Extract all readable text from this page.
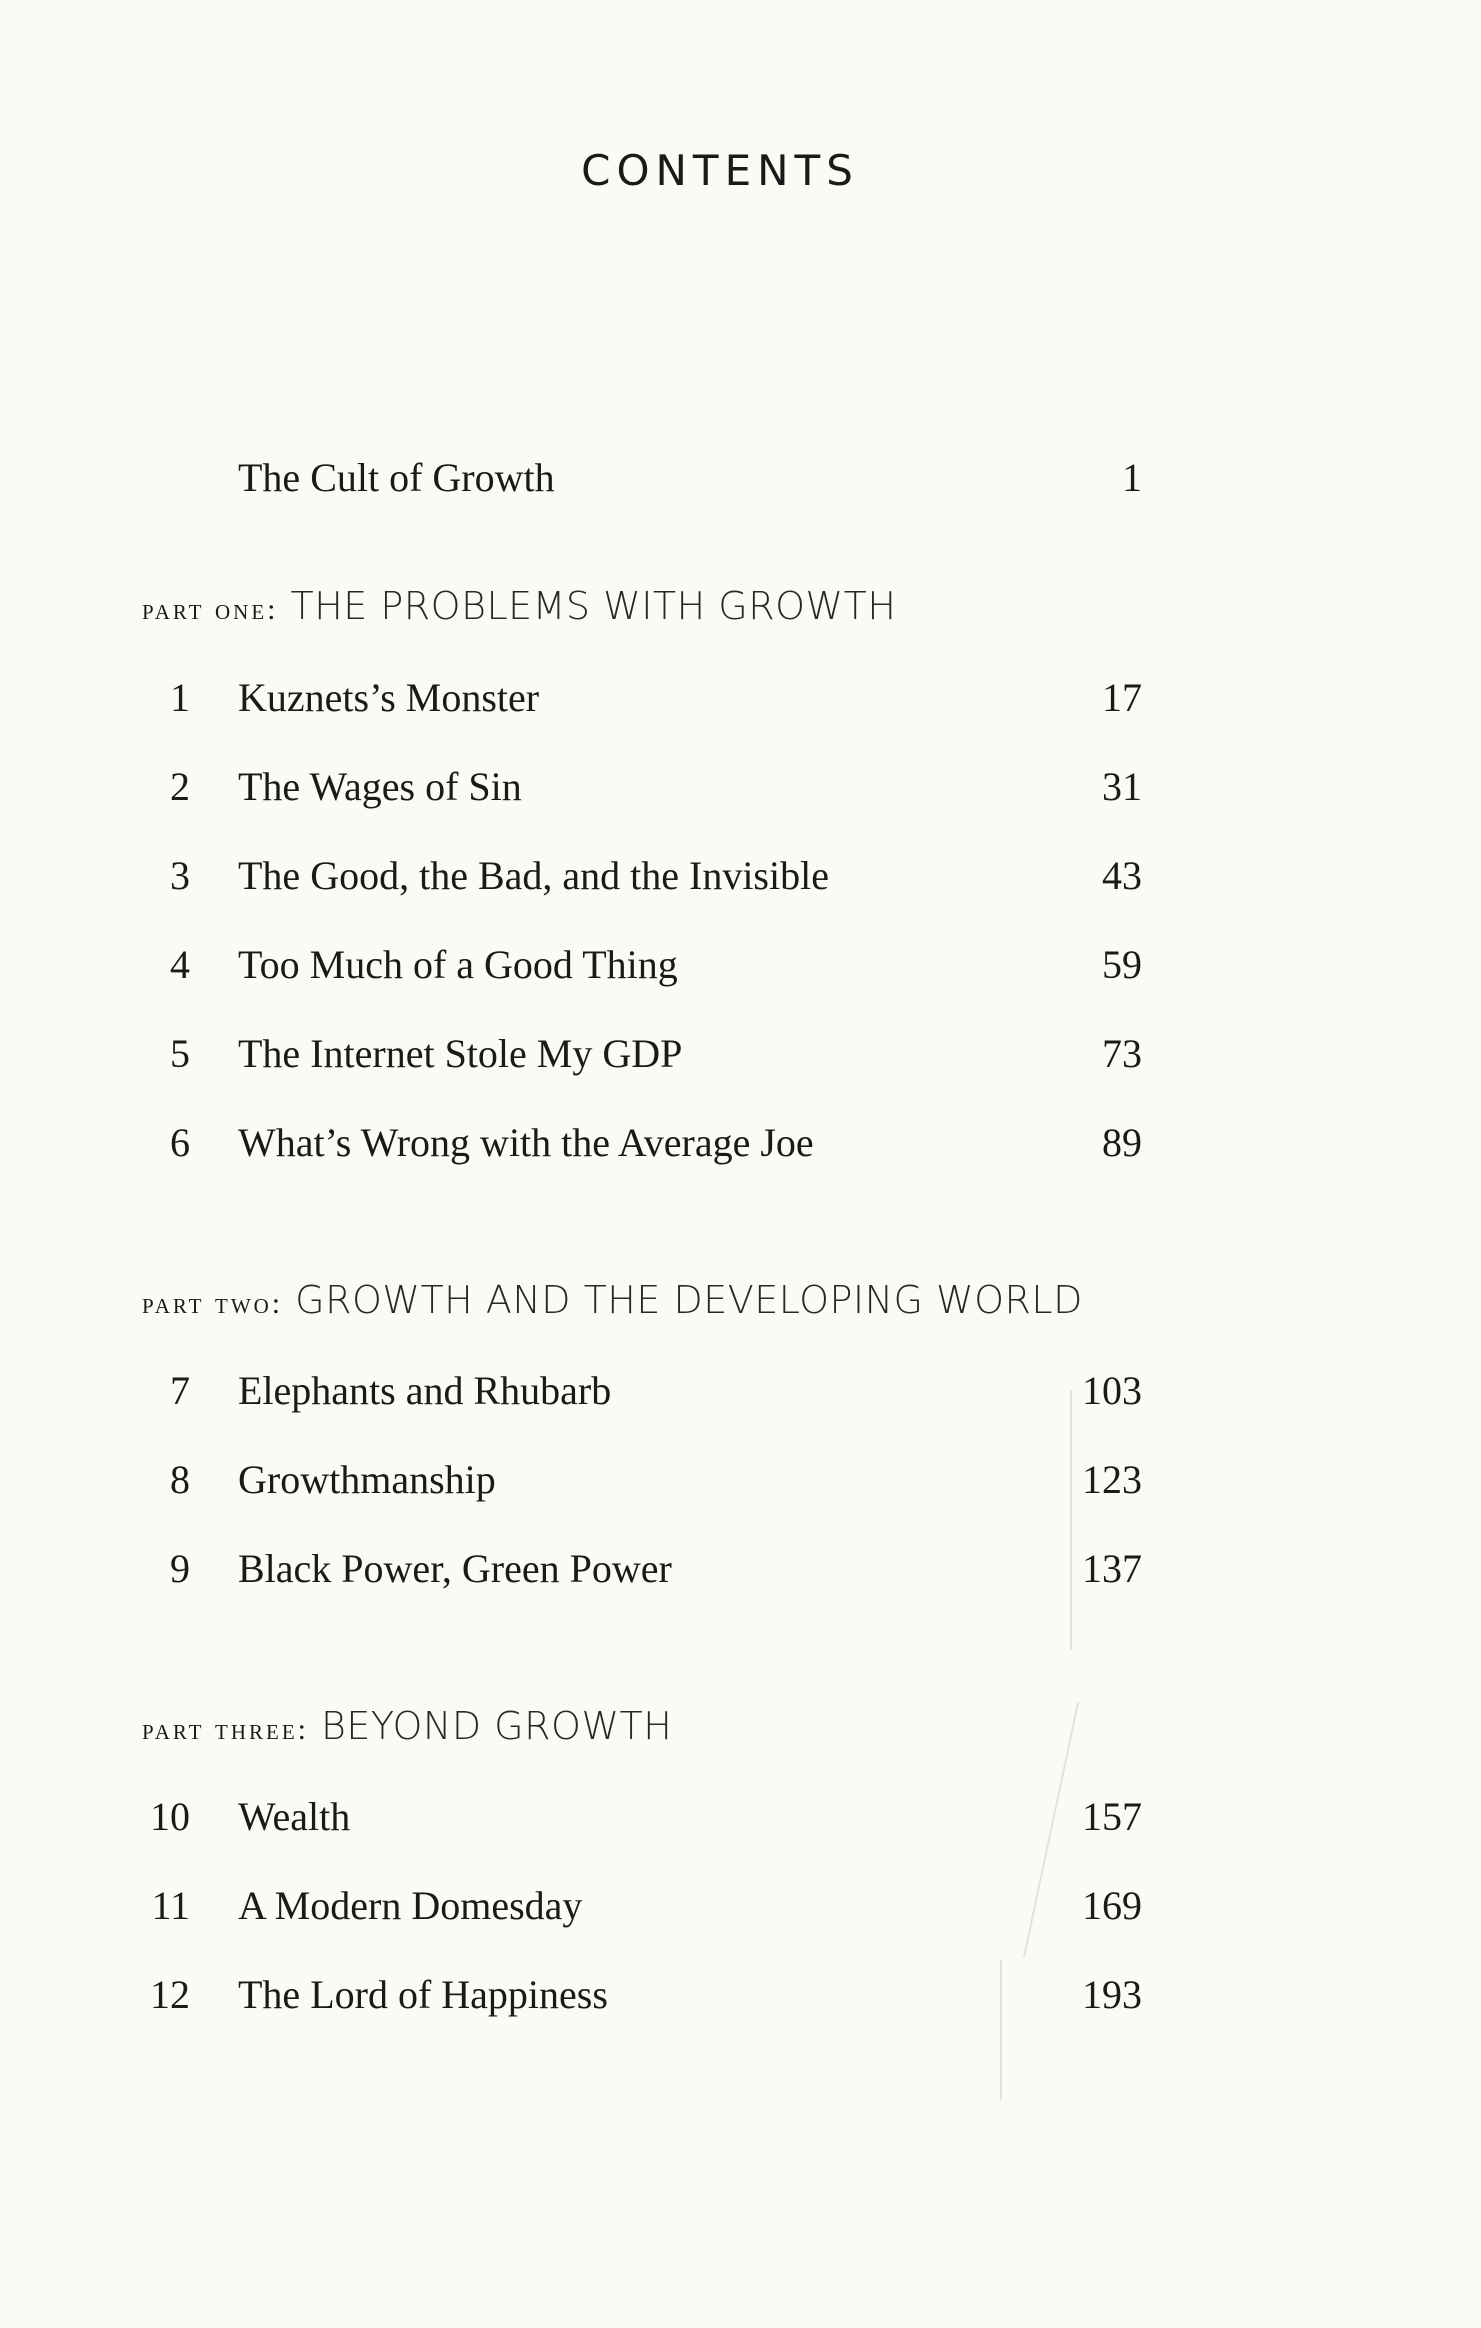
CONTENTS
The Cult of Growth	1
part one: THE PROBLEMS WITH GROWTH
1 Kuznets’s Monster	17
2 The Wages of Sin	31
3 The Good, the Bad, and the Invisible	43
4 Too Much of a Good Thing	59
5 The Internet Stole My GDP	73
6 What’s Wrong with the Average Joe	89
part two: GROWTH AND THE DEVELOPING WORLD
7 Elephants and Rhubarb	103
8 Growthmanship	123
9 Black Power, Green Power	137
part three: BEYOND GROWTH
10 Wealth	157
11 A Modern Domesday	169
12 The Lord of Happiness	193
